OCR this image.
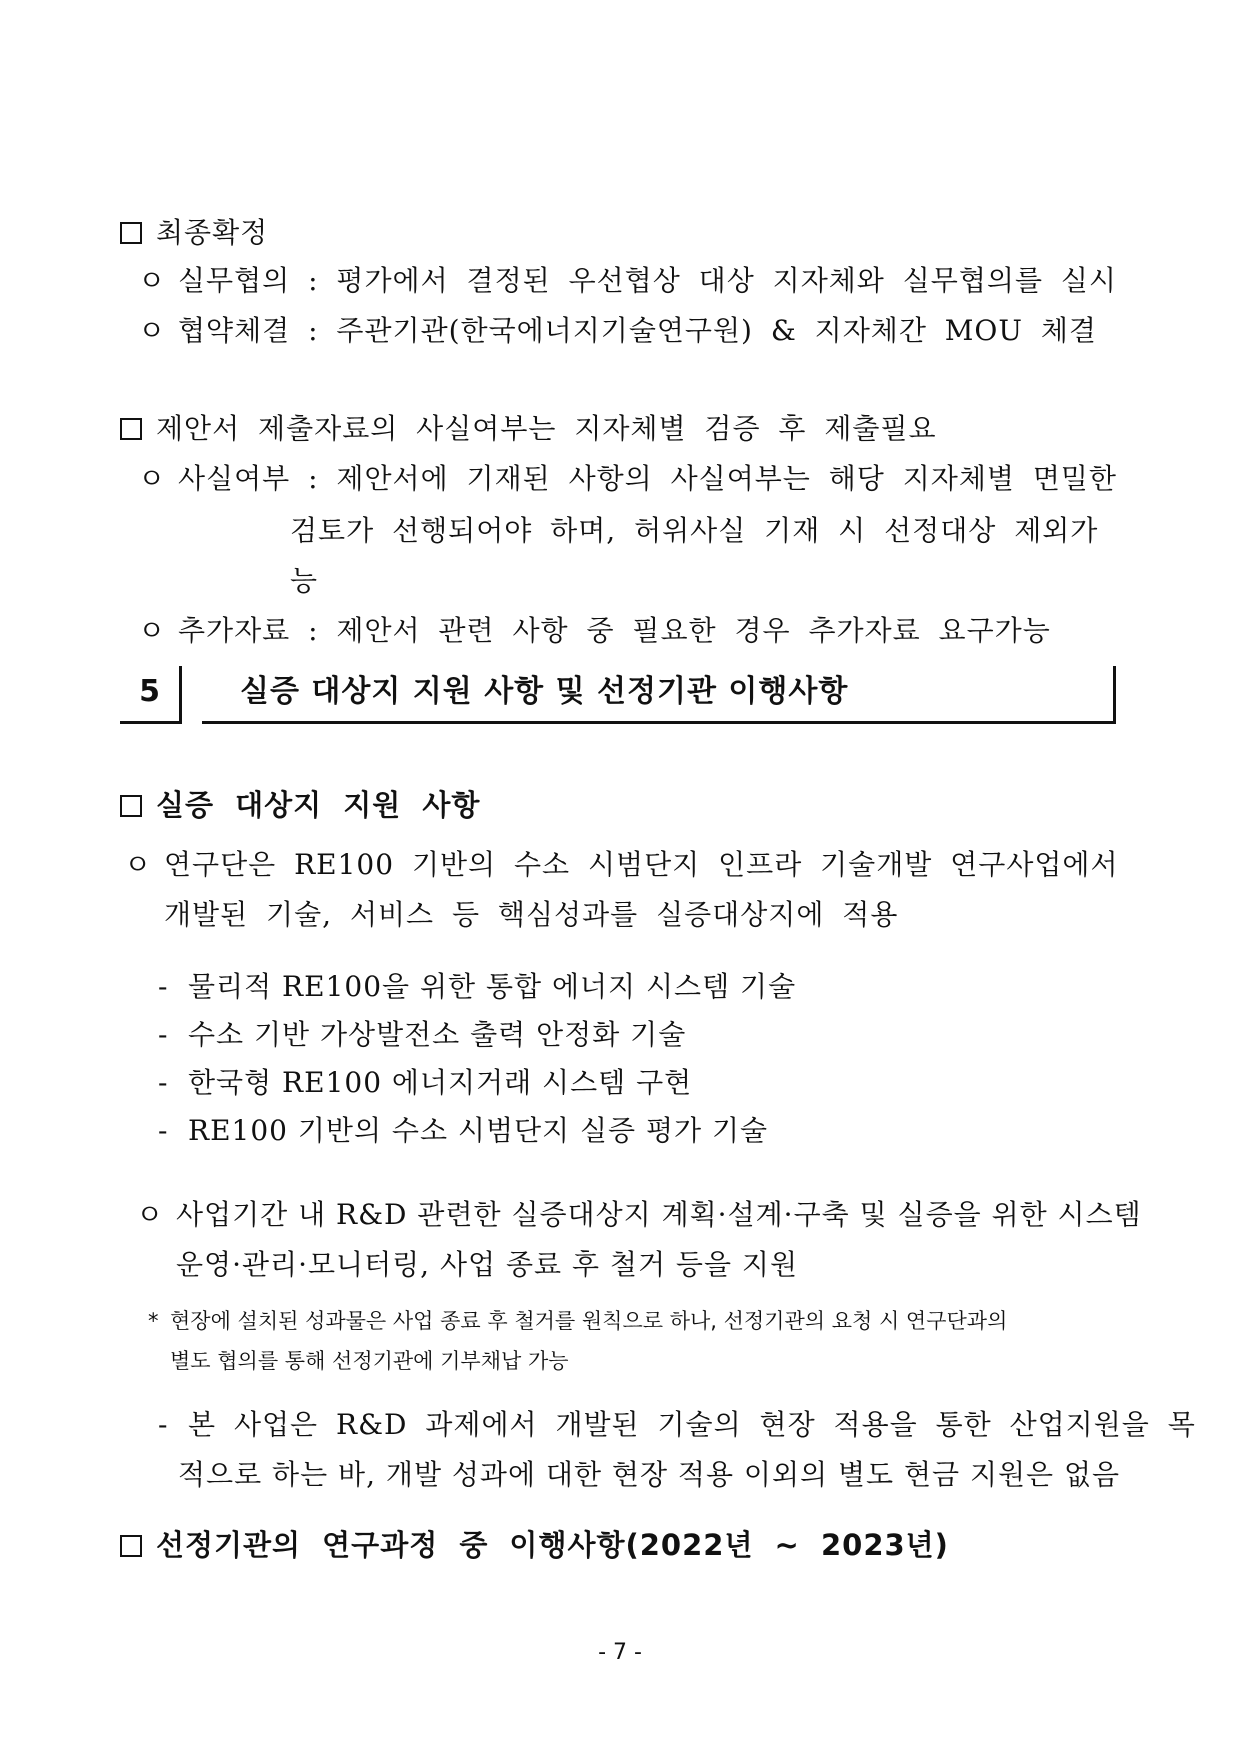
최종확정
ㅇ 실무협의 : 평가에서 결정된 우선협상 대상 지자체와 실무협의를 실시
ㅇ 협약체결 : 주관기관(한국에너지기술연구원) & 지자체간 MOU 체결
제안서 제출자료의 사실여부는 지자체별 검증 후 제출필요
ㅇ 사실여부 : 제안서에 기재된 사항의 사실여부는 해당 지자체별 면밀한
검토가 선행되어야 하며, 허위사실 기재 시 선정대상 제외가
능
ㅇ 추가자료 : 제안서 관련 사항 중 필요한 경우 추가자료 요구가능
5	실증 대상지 지원 사항 및 선정기관 이행사항
실증 대상지 지원 사항
ㅇ 연구단은 RE100 기반의 수소 시범단지 인프라 기술개발 연구사업에서
개발된 기술, 서비스 등 핵심성과를 실증대상지에 적용
- 물리적 RE100을 위한 통합 에너지 시스템 기술
- 수소 기반 가상발전소 출력 안정화 기술
- 한국형 RE100 에너지거래 시스템 구현
- RE100 기반의 수소 시범단지 실증 평가 기술
ㅇ 사업기간 내 R&D 관련한 실증대상지 계획·설계·구축 및 실증을 위한 시스템
운영·관리·모니터링, 사업 종료 후 철거 등을 지원
* 현장에 설치된 성과물은 사업 종료 후 철거를 원칙으로 하나, 선정기관의 요청 시 연구단과의
별도 협의를 통해 선정기관에 기부채납 가능
- 본 사업은 R&D 과제에서 개발된 기술의 현장 적용을 통한 산업지원을 목
적으로 하는 바, 개발 성과에 대한 현장 적용 이외의 별도 현금 지원은 없음
선정기관의 연구과정 중 이행사항(2022년 ~ 2023년)
- 7 -
